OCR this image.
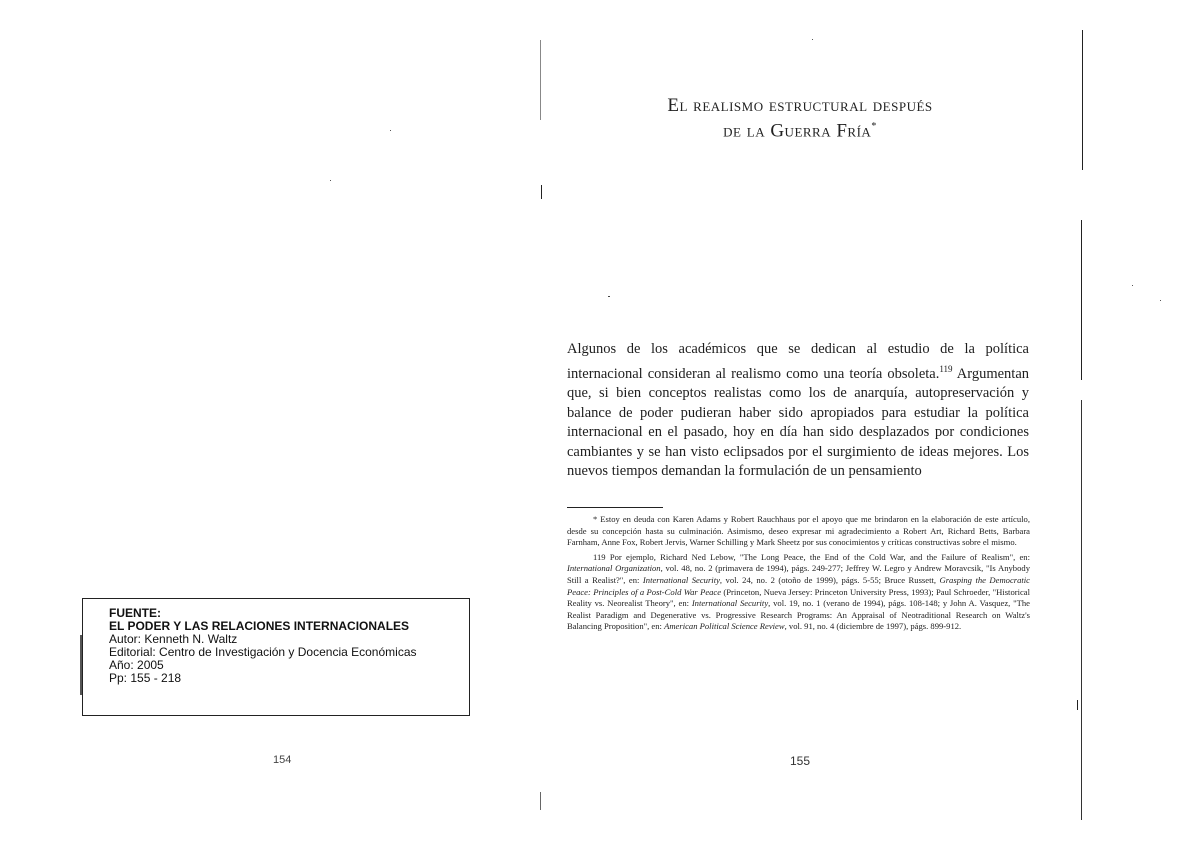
FUENTE:
EL PODER Y LAS RELACIONES INTERNACIONALES
Autor: Kenneth N. Waltz
Editorial: Centro de Investigación y Docencia Económicas
Año: 2005
Pp: 155 - 218
154
El realismo estructural después
de la Guerra Fría*
Algunos de los académicos que se dedican al estudio de la política internacional consideran al realismo como una teoría obsoleta.$^{119}$ Argumentan que, si bien conceptos realistas como los de anarquía, autopreservación y balance de poder pudieran haber sido apropiados para estudiar la política internacional en el pasado, hoy en día han sido desplazados por condiciones cambiantes y se han visto eclipsados por el surgimiento de ideas mejores. Los nuevos tiempos demandan la formulación de un pensamiento

* Estoy en deuda con Karen Adams y Robert Rauchhaus por el apoyo que me brindaron en la elaboración de este artículo, desde su concepción hasta su culminación. Asimismo, deseo expresar mi agradecimiento a Robert Art, Richard Betts, Barbara Farnham, Anne Fox, Robert Jervis, Warner Schilling y Mark Sheetz por sus conocimientos y críticas constructivas sobre el mismo.

119 Por ejemplo, Richard Ned Lebow, "The Long Peace, the End of the Cold War, and the Failure of Realism", en: International Organization, vol. 48, no. 2 (primavera de 1994), págs. 249-277; Jeffrey W. Legro y Andrew Moravcsik, "Is Anybody Still a Realist?", en: International Security, vol. 24, no. 2 (otoño de 1999), págs. 5-55; Bruce Russett, Grasping the Democratic Peace: Principles of a Post-Cold War Peace (Princeton, Nueva Jersey: Princeton University Press, 1993); Paul Schroeder, "Historical Reality vs. Neorealist Theory", en: International Security, vol. 19, no. 1 (verano de 1994), págs. 108-148; y John A. Vasquez, "The Realist Paradigm and Degenerative vs. Progressive Research Programs: An Appraisal of Neotraditional Research on Waltz's Balancing Proposition", en: American Political Science Review, vol. 91, no. 4 (diciembre de 1997), págs. 899-912.

155
